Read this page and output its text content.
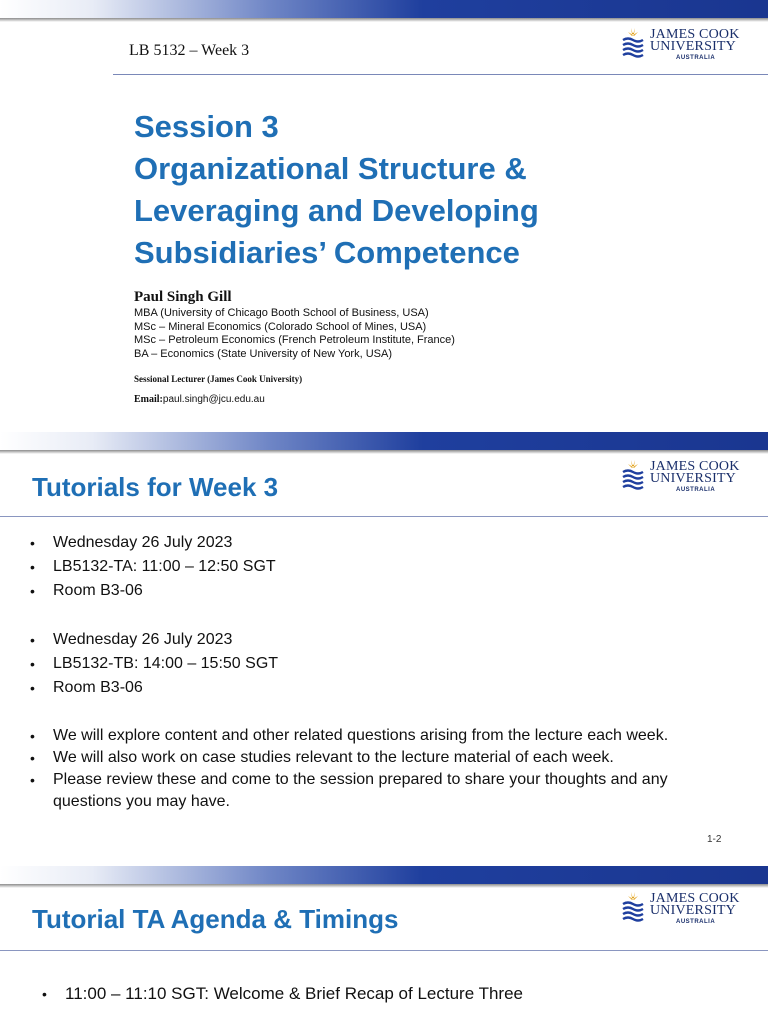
LB 5132 – Week 3
JAMES COOK
UNIVERSITY
AUSTRALIA
Session 3
Organizational Structure &
Leveraging and Developing
Subsidiaries’ Competence
Paul Singh Gill
MBA (University of Chicago Booth School of Business, USA)
MSc – Mineral Economics (Colorado School of Mines, USA)
MSc – Petroleum Economics (French Petroleum Institute, France)
BA – Economics (State University of New York, USA)
Sessional Lecturer (James Cook University)
Email:paul.singh@jcu.edu.au
Tutorials for Week 3
JAMES COOK
UNIVERSITY
AUSTRALIA
• Wednesday 26 July 2023
• LB5132-TA: 11:00 – 12:50 SGT
• Room B3-06
• Wednesday 26 July 2023
• LB5132-TB: 14:00 – 15:50 SGT
• Room B3-06
• We will explore content and other related questions arising from the lecture each week.
• We will also work on case studies relevant to the lecture material of each week.
• Please review these and come to the session prepared to share your thoughts and any questions you may have.
1-2
Tutorial TA Agenda & Timings
JAMES COOK
UNIVERSITY
AUSTRALIA
• 11:00 – 11:10 SGT: Welcome & Brief Recap of Lecture Three
